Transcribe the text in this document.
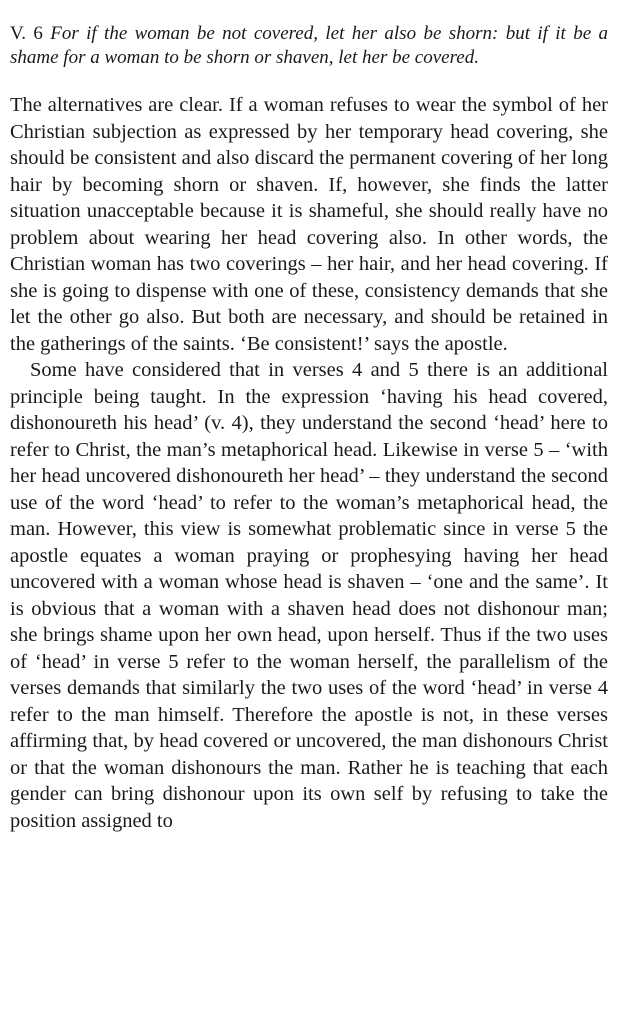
V. 6 For if the woman be not covered, let her also be shorn: but if it be a shame for a woman to be shorn or shaven, let her be covered.

The alternatives are clear. If a woman refuses to wear the symbol of her Christian subjection as expressed by her temporary head covering, she should be consistent and also discard the permanent covering of her long hair by becoming shorn or shaven. If, however, she finds the latter situation unacceptable because it is shameful, she should really have no problem about wearing her head covering also. In other words, the Christian woman has two coverings – her hair, and her head covering. If she is going to dispense with one of these, consistency demands that she let the other go also. But both are necessary, and should be retained in the gatherings of the saints. ‘Be consistent!’ says the apostle.

Some have considered that in verses 4 and 5 there is an additional principle being taught. In the expression ‘having his head covered, dishonoureth his head’ (v. 4), they understand the second ‘head’ here to refer to Christ, the man’s metaphorical head. Likewise in verse 5 – ‘with her head uncovered dishonoureth her head’ – they understand the second use of the word ‘head’ to refer to the woman’s metaphorical head, the man. However, this view is somewhat problematic since in verse 5 the apostle equates a woman praying or prophesying having her head uncovered with a woman whose head is shaven – ‘one and the same’. It is obvious that a woman with a shaven head does not dishonour man; she brings shame upon her own head, upon herself. Thus if the two uses of ‘head’ in verse 5 refer to the woman herself, the parallelism of the verses demands that similarly the two uses of the word ‘head’ in verse 4 refer to the man himself. Therefore the apostle is not, in these verses affirming that, by head covered or uncovered, the man dishonours Christ or that the woman dishonours the man. Rather he is teaching that each gender can bring dishonour upon its own self by refusing to take the position assigned to
